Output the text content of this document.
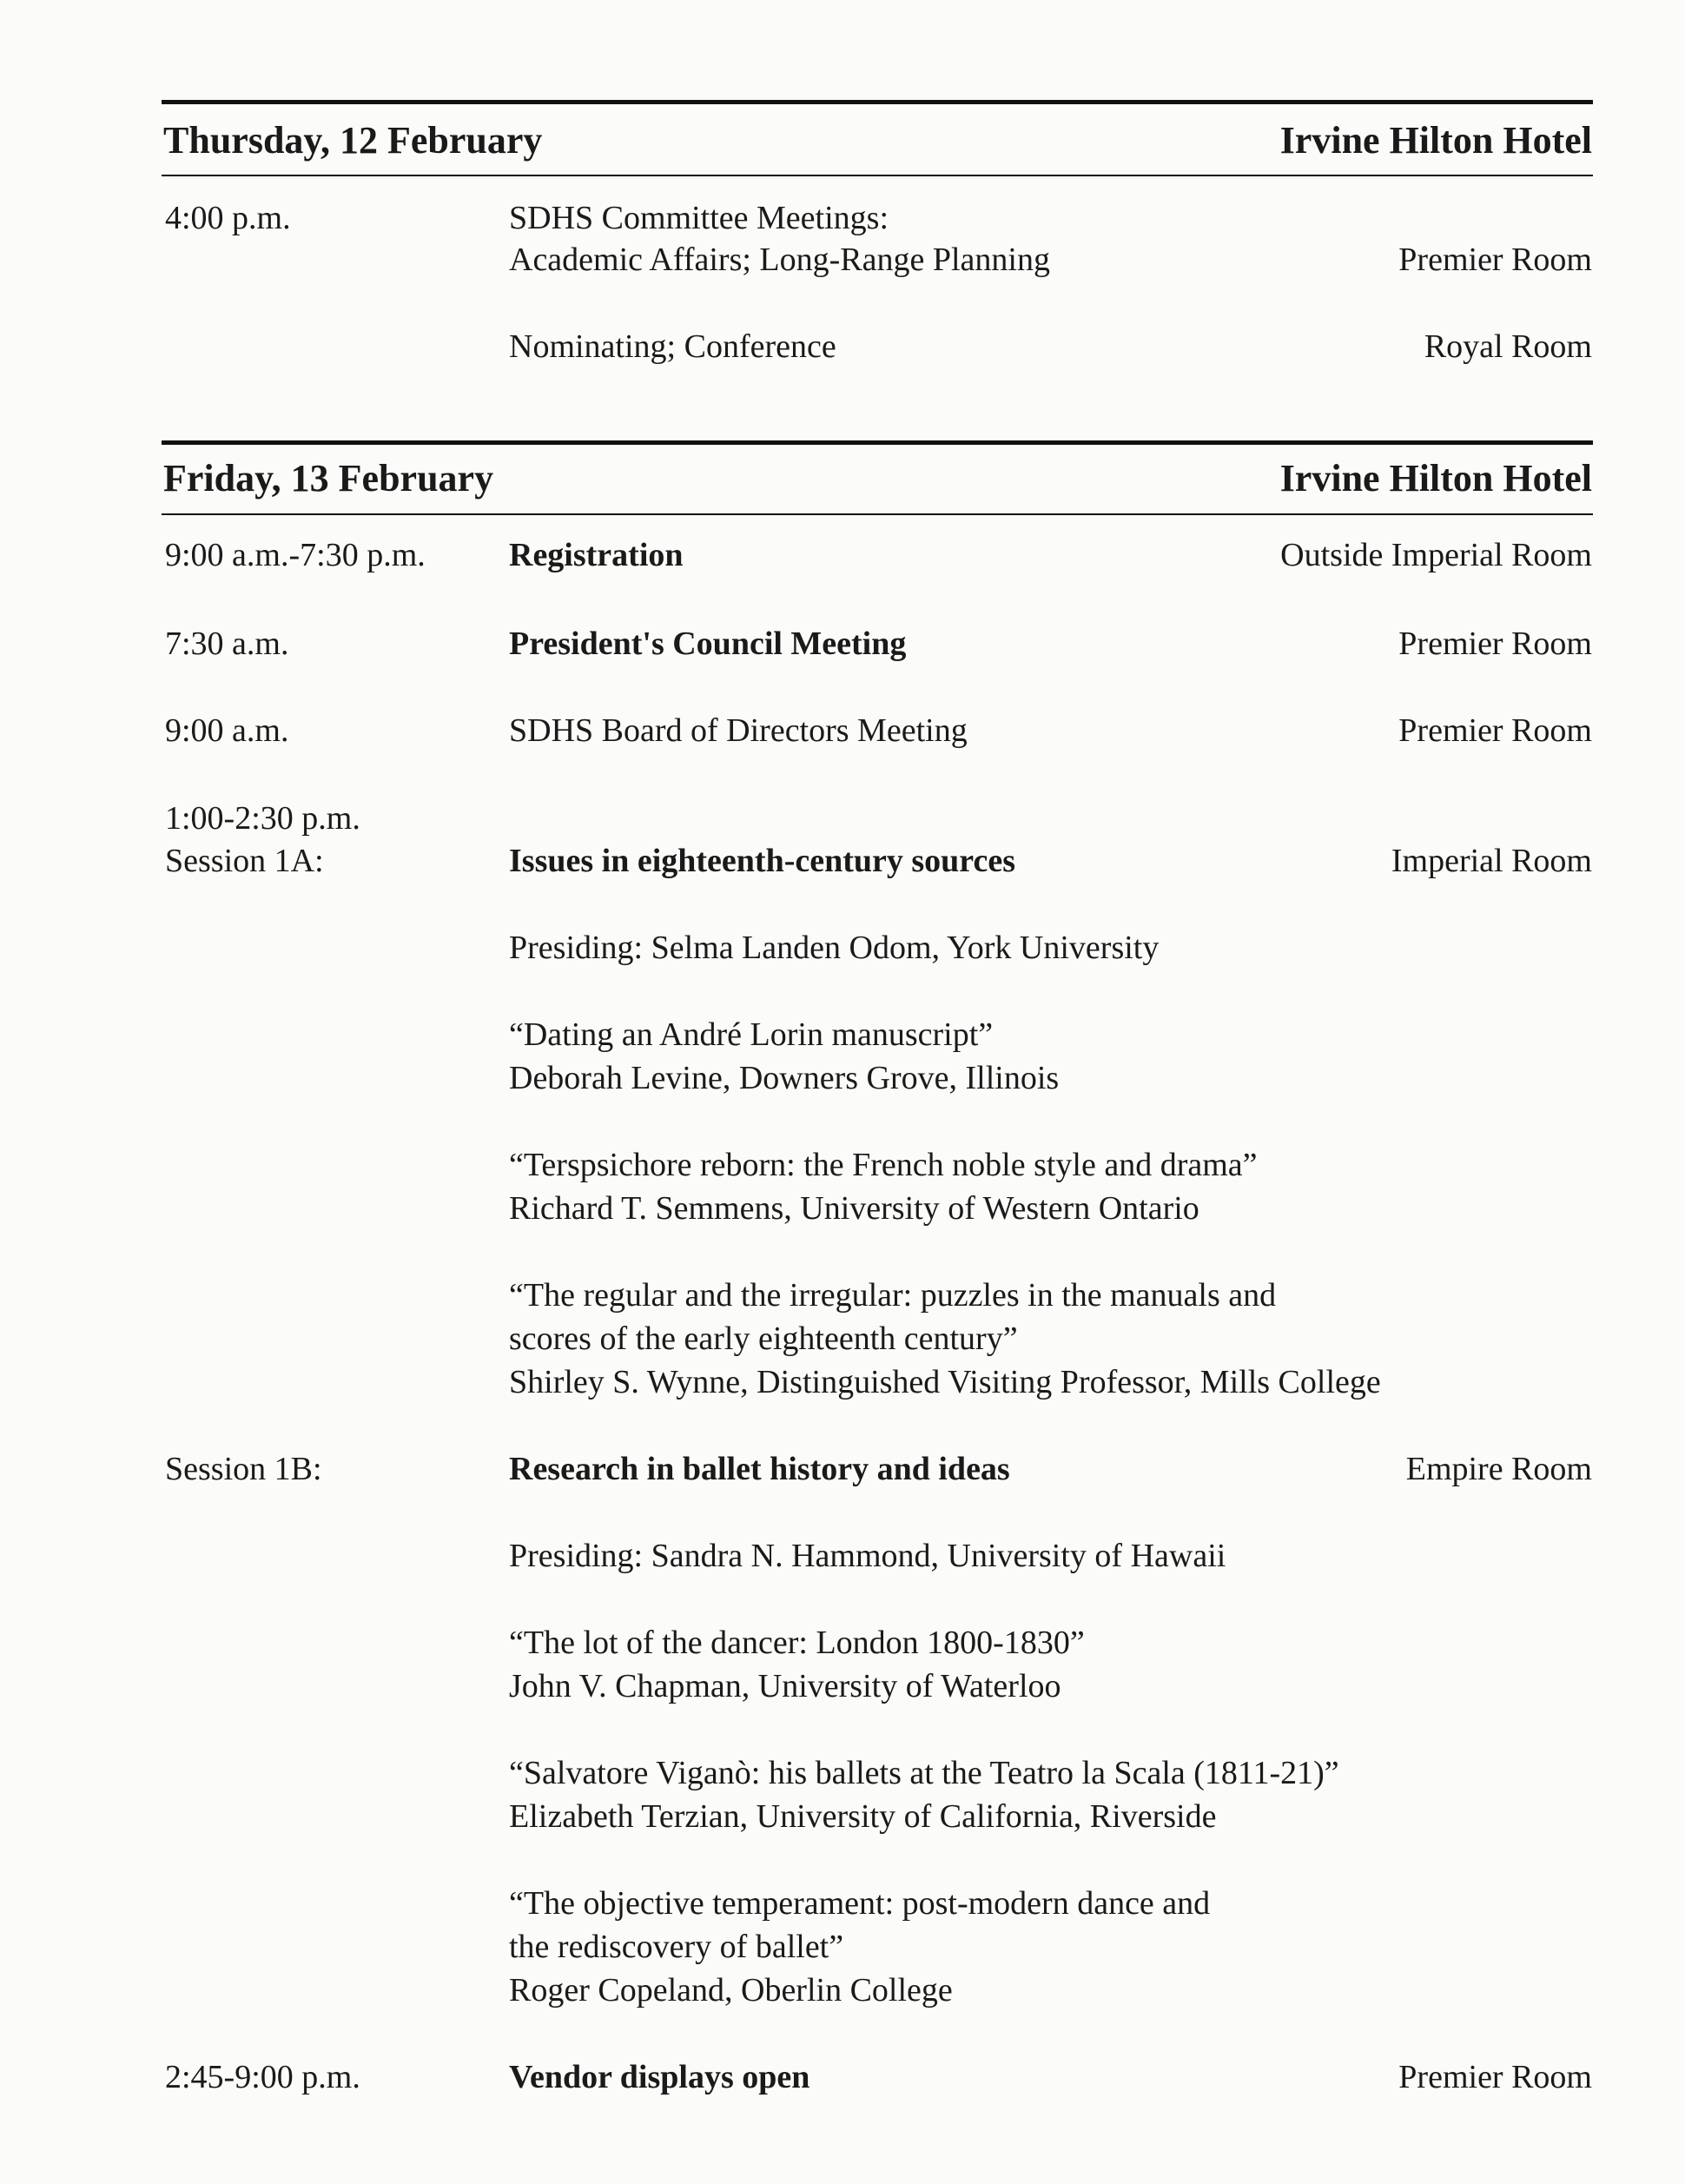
Thursday, 12 February	Irvine Hilton Hotel
4:00 p.m.	SDHS Committee Meetings:
Academic Affairs; Long-Range Planning	Premier Room
Nominating; Conference	Royal Room
Friday, 13 February	Irvine Hilton Hotel
9:00 a.m.-7:30 p.m.	Registration	Outside Imperial Room
7:30 a.m.	President's Council Meeting	Premier Room
9:00 a.m.	SDHS Board of Directors Meeting	Premier Room
1:00-2:30 p.m.
Session 1A:	Issues in eighteenth-century sources	Imperial Room
Presiding: Selma Landen Odom, York University
“Dating an André Lorin manuscript”
Deborah Levine, Downers Grove, Illinois
“Terspsichore reborn: the French noble style and drama”
Richard T. Semmens, University of Western Ontario
“The regular and the irregular: puzzles in the manuals and
scores of the early eighteenth century”
Shirley S. Wynne, Distinguished Visiting Professor, Mills College
Session 1B:	Research in ballet history and ideas	Empire Room
Presiding: Sandra N. Hammond, University of Hawaii
“The lot of the dancer: London 1800-1830”
John V. Chapman, University of Waterloo
“Salvatore Viganò: his ballets at the Teatro la Scala (1811-21)”
Elizabeth Terzian, University of California, Riverside
“The objective temperament: post-modern dance and
the rediscovery of ballet”
Roger Copeland, Oberlin College
2:45-9:00 p.m.	Vendor displays open	Premier Room
